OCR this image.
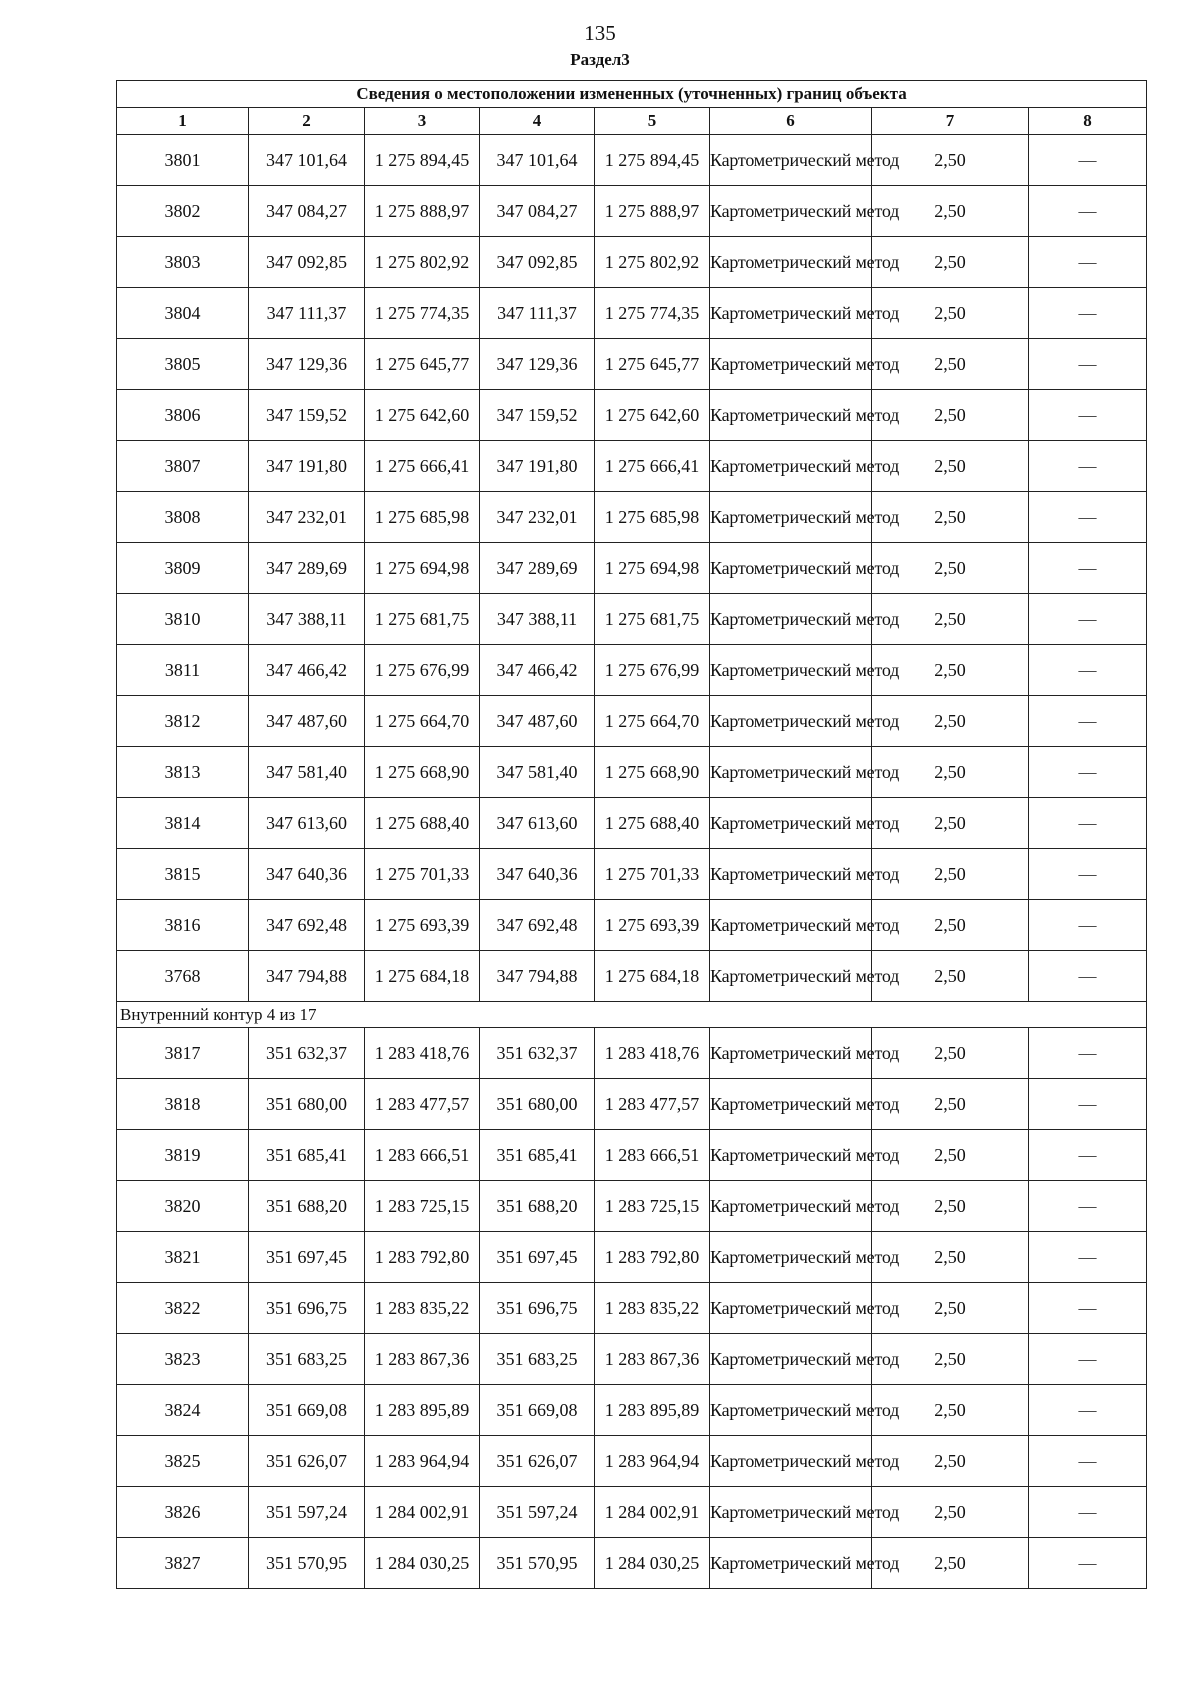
135
Раздел3
Сведения о местоположении измененных (уточненных) границ объекта							
1	2	3	4	5	6	7	8
3801	347 101,64	1 275 894,45	347 101,64	1 275 894,45	Картометрический метод	2,50	—
3802	347 084,27	1 275 888,97	347 084,27	1 275 888,97	Картометрический метод	2,50	—
3803	347 092,85	1 275 802,92	347 092,85	1 275 802,92	Картометрический метод	2,50	—
3804	347 111,37	1 275 774,35	347 111,37	1 275 774,35	Картометрический метод	2,50	—
3805	347 129,36	1 275 645,77	347 129,36	1 275 645,77	Картометрический метод	2,50	—
3806	347 159,52	1 275 642,60	347 159,52	1 275 642,60	Картометрический метод	2,50	—
3807	347 191,80	1 275 666,41	347 191,80	1 275 666,41	Картометрический метод	2,50	—
3808	347 232,01	1 275 685,98	347 232,01	1 275 685,98	Картометрический метод	2,50	—
3809	347 289,69	1 275 694,98	347 289,69	1 275 694,98	Картометрический метод	2,50	—
3810	347 388,11	1 275 681,75	347 388,11	1 275 681,75	Картометрический метод	2,50	—
3811	347 466,42	1 275 676,99	347 466,42	1 275 676,99	Картометрический метод	2,50	—
3812	347 487,60	1 275 664,70	347 487,60	1 275 664,70	Картометрический метод	2,50	—
3813	347 581,40	1 275 668,90	347 581,40	1 275 668,90	Картометрический метод	2,50	—
3814	347 613,60	1 275 688,40	347 613,60	1 275 688,40	Картометрический метод	2,50	—
3815	347 640,36	1 275 701,33	347 640,36	1 275 701,33	Картометрический метод	2,50	—
3816	347 692,48	1 275 693,39	347 692,48	1 275 693,39	Картометрический метод	2,50	—
3768	347 794,88	1 275 684,18	347 794,88	1 275 684,18	Картометрический метод	2,50	—
Внутренний контур 4 из 17							
3817	351 632,37	1 283 418,76	351 632,37	1 283 418,76	Картометрический метод	2,50	—
3818	351 680,00	1 283 477,57	351 680,00	1 283 477,57	Картометрический метод	2,50	—
3819	351 685,41	1 283 666,51	351 685,41	1 283 666,51	Картометрический метод	2,50	—
3820	351 688,20	1 283 725,15	351 688,20	1 283 725,15	Картометрический метод	2,50	—
3821	351 697,45	1 283 792,80	351 697,45	1 283 792,80	Картометрический метод	2,50	—
3822	351 696,75	1 283 835,22	351 696,75	1 283 835,22	Картометрический метод	2,50	—
3823	351 683,25	1 283 867,36	351 683,25	1 283 867,36	Картометрический метод	2,50	—
3824	351 669,08	1 283 895,89	351 669,08	1 283 895,89	Картометрический метод	2,50	—
3825	351 626,07	1 283 964,94	351 626,07	1 283 964,94	Картометрический метод	2,50	—
3826	351 597,24	1 284 002,91	351 597,24	1 284 002,91	Картометрический метод	2,50	—
3827	351 570,95	1 284 030,25	351 570,95	1 284 030,25	Картометрический метод	2,50	—
